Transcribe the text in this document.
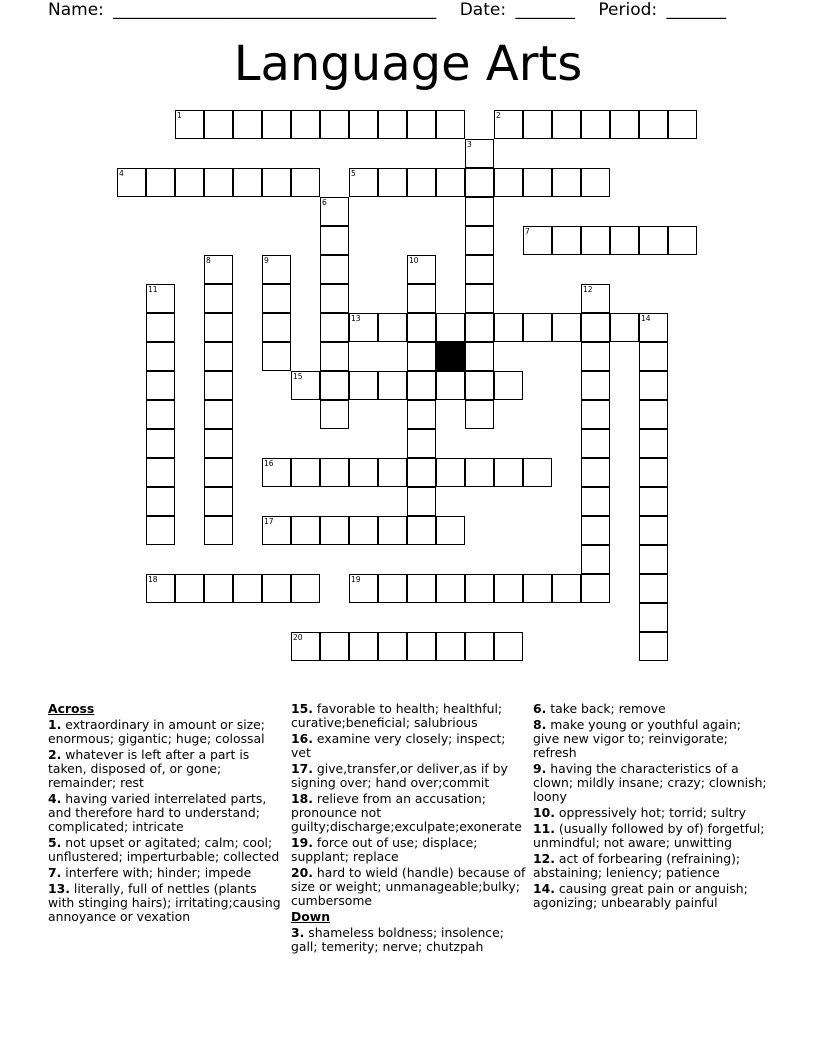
Name: ______________________________________ Date: _______ Period: _______
Language Arts
1	2
3
4	5
6
7
8	9	10
11	12
13	14
15
16
17
18	19
20
Across
1. extraordinary in amount or size; enormous; gigantic; huge; colossal
2. whatever is left after a part is taken, disposed of, or gone; remainder; rest
4. having varied interrelated parts, and therefore hard to understand; complicated; intricate
5. not upset or agitated; calm; cool; unflustered; imperturbable; collected
7. interfere with; hinder; impede
13. literally, full of nettles (plants with stinging hairs); irritating;causing annoyance or vexation
15. favorable to health; healthful; curative;beneficial; salubrious
16. examine very closely; inspect; vet
17. give,transfer,or deliver,as if by signing over; hand over;commit
18. relieve from an accusation; pronounce not guilty;discharge;exculpate;exonerate
19. force out of use; displace; supplant; replace
20. hard to wield (handle) because of size or weight; unmanageable;bulky; cumbersome
Down
3. shameless boldness; insolence; gall; temerity; nerve; chutzpah
6. take back; remove
8. make young or youthful again; give new vigor to; reinvigorate; refresh
9. having the characteristics of a clown; mildly insane; crazy; clownish; loony
10. oppressively hot; torrid; sultry
11. (usually followed by of) forgetful; unmindful; not aware; unwitting
12. act of forbearing (refraining); abstaining; leniency; patience
14. causing great pain or anguish; agonizing; unbearably painful
